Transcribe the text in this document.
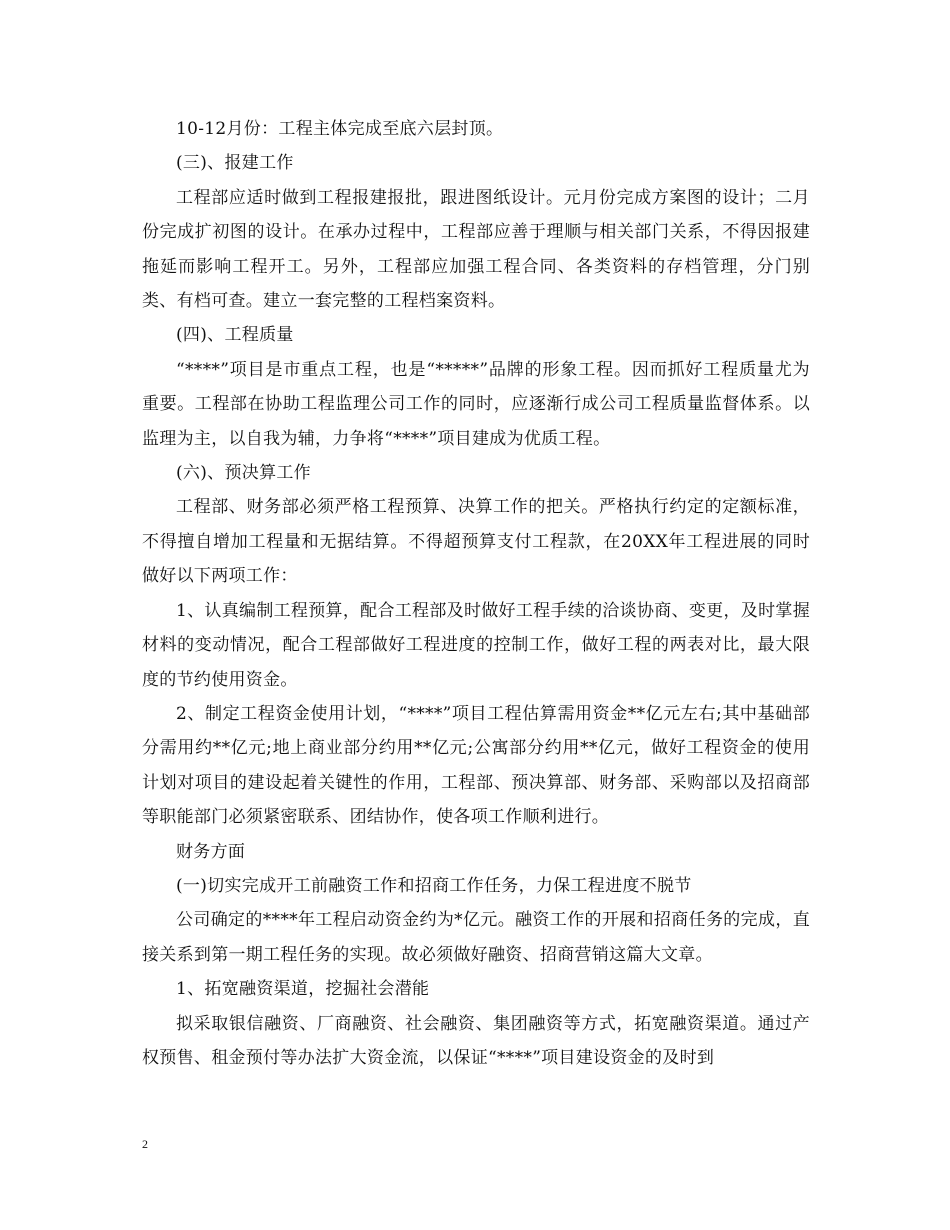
10-12月份：工程主体完成至底六层封顶。

(三)、报建工作

工程部应适时做到工程报建报批，跟进图纸设计。元月份完成方案图的设计；二月份完成扩初图的设计。在承办过程中，工程部应善于理顺与相关部门关系，不得因报建拖延而影响工程开工。另外，工程部应加强工程合同、各类资料的存档管理，分门别类、有档可查。建立一套完整的工程档案资料。

(四)、工程质量

“****”项目是市重点工程，也是“*****”品牌的形象工程。因而抓好工程质量尤为重要。工程部在协助工程监理公司工作的同时，应逐渐行成公司工程质量监督体系。以监理为主，以自我为辅，力争将“****”项目建成为优质工程。

(六)、预决算工作

工程部、财务部必须严格工程预算、决算工作的把关。严格执行约定的定额标准，不得擅自增加工程量和无据结算。不得超预算支付工程款，在20XX年工程进展的同时做好以下两项工作：

1、认真编制工程预算，配合工程部及时做好工程手续的洽谈协商、变更，及时掌握材料的变动情况，配合工程部做好工程进度的控制工作，做好工程的两表对比，最大限度的节约使用资金。

2、制定工程资金使用计划，“****”项目工程估算需用资金**亿元左右;其中基础部分需用约**亿元;地上商业部分约用**亿元;公寓部分约用**亿元，做好工程资金的使用计划对项目的建设起着关键性的作用，工程部、预决算部、财务部、采购部以及招商部等职能部门必须紧密联系、团结协作，使各项工作顺利进行。

财务方面

(一)切实完成开工前融资工作和招商工作任务，力保工程进度不脱节

公司确定的****年工程启动资金约为*亿元。融资工作的开展和招商任务的完成，直接关系到第一期工程任务的实现。故必须做好融资、招商营销这篇大文章。

1、拓宽融资渠道，挖掘社会潜能

拟采取银信融资、厂商融资、社会融资、集团融资等方式，拓宽融资渠道。通过产权预售、租金预付等办法扩大资金流，以保证“****”项目建设资金的及时到

2
